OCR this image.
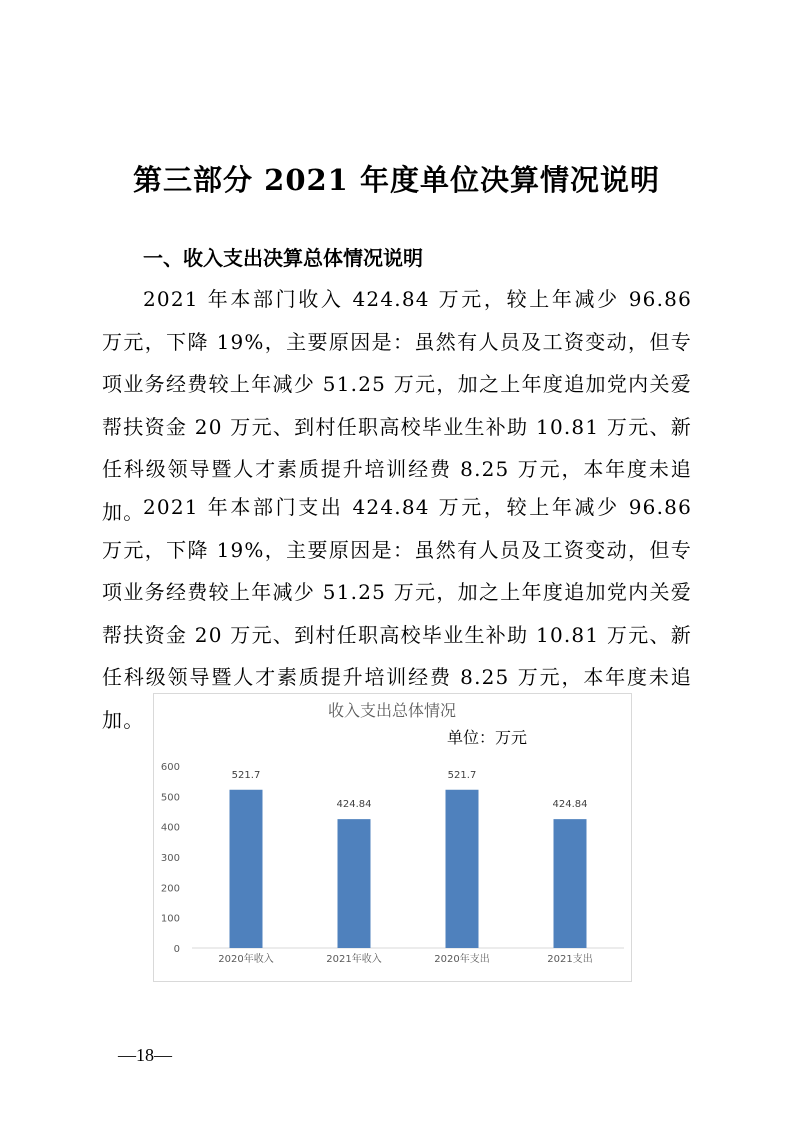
第三部分 2021 年度单位决算情况说明
一、收入支出决算总体情况说明

2021 年本部门收入 424.84 万元，较上年减少 96.86 万元，下降 19%，主要原因是：虽然有人员及工资变动，但专项业务经费较上年减少 51.25 万元，加之上年度追加党内关爱帮扶资金 20 万元、到村任职高校毕业生补助 10.81 万元、新任科级领导暨人才素质提升培训经费 8.25 万元，本年度未追加。

2021 年本部门支出 424.84 万元，较上年减少 96.86 万元，下降 19%，主要原因是：虽然有人员及工资变动，但专项业务经费较上年减少 51.25 万元，加之上年度追加党内关爱帮扶资金 20 万元、到村任职高校毕业生补助 10.81 万元、新任科级领导暨人才素质提升培训经费 8.25 万元，本年度未追加。	收入支出总体情况
单位：万元
0
100
200
300
400
500
600
521.7
2020年收入
424.84
2021年收入
521.7
2020年支出
424.84
2021支出
—18—
